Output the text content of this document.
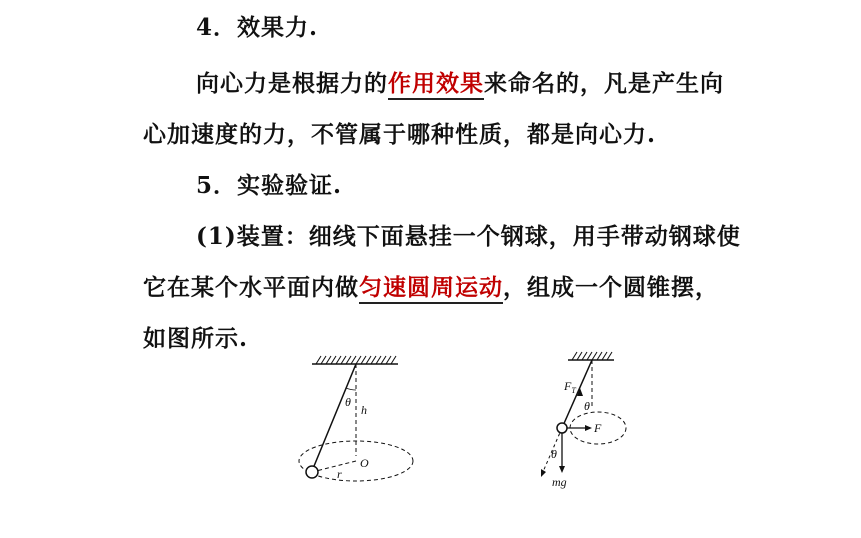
4．效果力.
向心力是根据力的作用效果来命名的，凡是产生向
心加速度的力，不管属于哪种性质，都是向心力.
5．实验验证.
(1)装置：细线下面悬挂一个钢球，用手带动钢球使
它在某个水平面内做匀速圆周运动，组成一个圆锥摆，
如图所示.
θ
h
O
r
$F_T$
θ
F
θ
mg
